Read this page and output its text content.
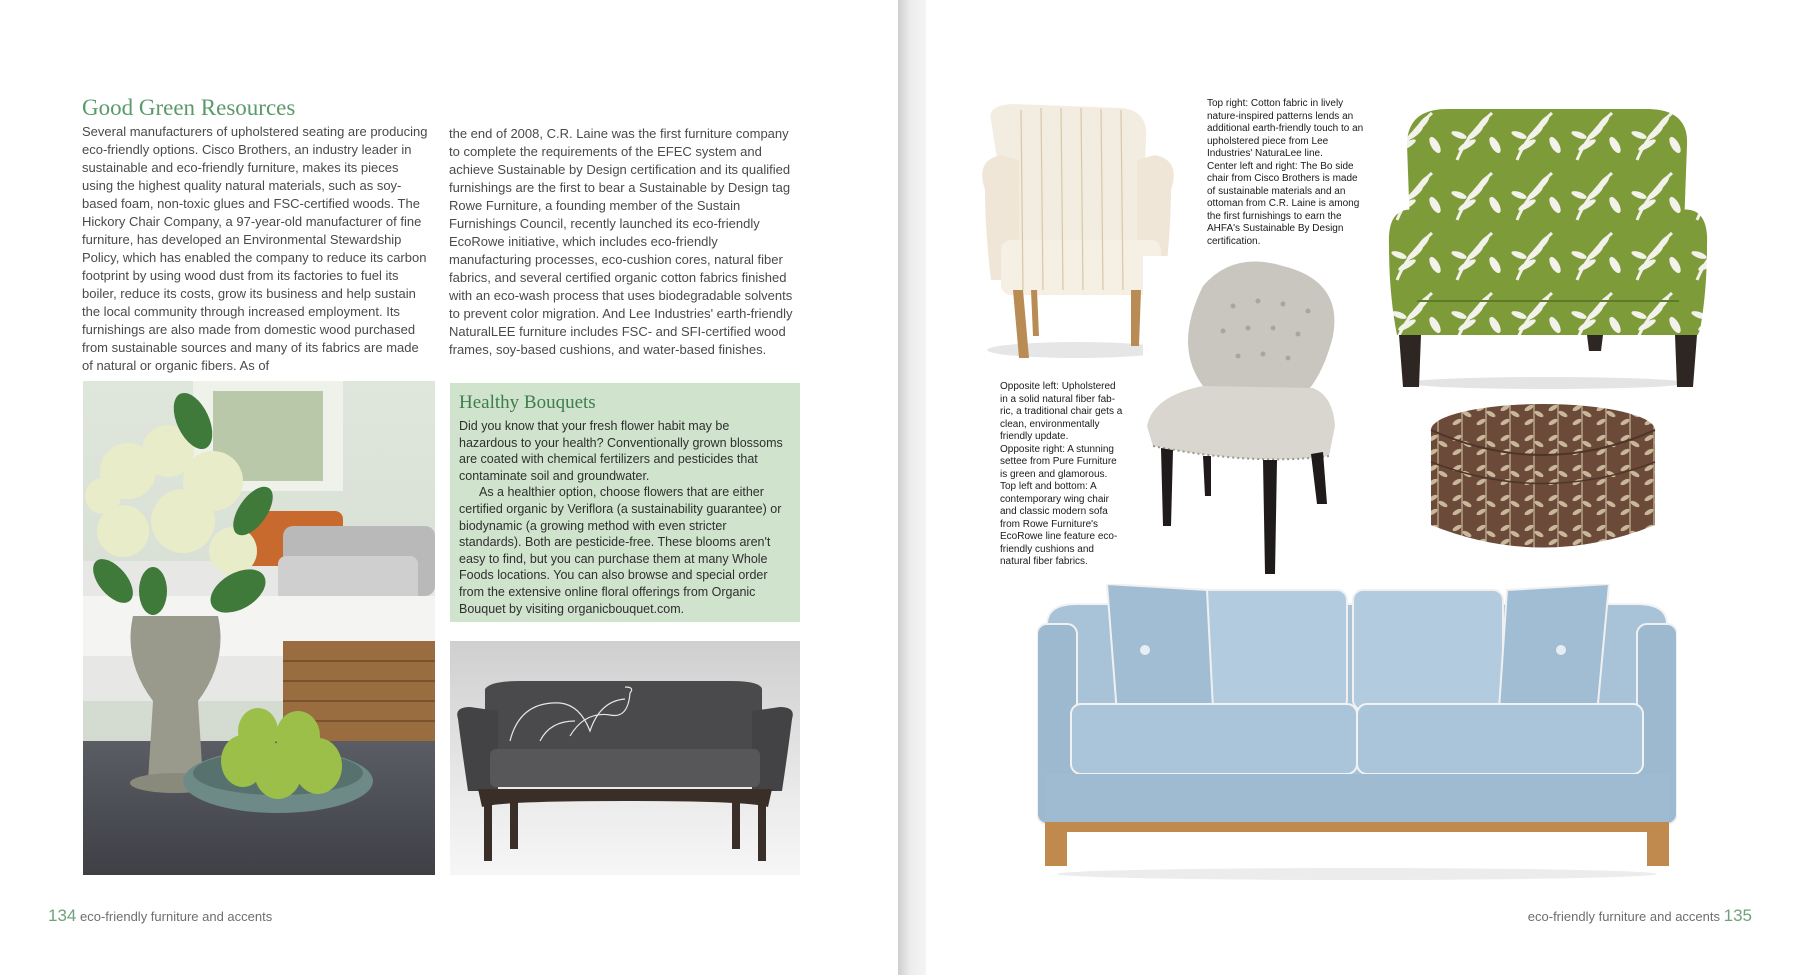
Good Green Resources

Several manufacturers of upholstered seating are producing eco-friendly options. Cisco Brothers, an industry leader in sustainable and eco-friendly furniture, makes its pieces using the highest quality natural materials, such as soy-based foam, non-toxic glues and FSC-certified woods. The Hickory Chair Company, a 97-year-old manufacturer of fine furniture, has developed an Environmental Stewardship Policy, which has enabled the company to reduce its carbon footprint by using wood dust from its factories to fuel its boiler, reduce its costs, grow its business and help sustain the local community through increased employment. Its furnishings are also made from domestic wood purchased from sustainable sources and many of its fabrics are made of natural or organic fibers. As of

the end of 2008, C.R. Laine was the first furniture company to complete the requirements of the EFEC system and achieve Sustainable by Design certification and its qualified furnishings are the first to bear a Sustainable by Design tag Rowe Furniture, a founding member of the Sustain Furnishings Council, recently launched its eco-friendly EcoRowe initiative, which includes eco-friendly manufacturing processes, eco-cushion cores, natural fiber fabrics, and several certified organic cotton fabrics finished with an eco-wash process that uses biodegradable solvents to prevent color migration. And Lee Industries' earth-friendly NaturalLEE furniture includes FSC- and SFI-certified wood frames, soy-based cushions, and water-based finishes.

Healthy Bouquets

Did you know that your fresh flower habit may be hazardous to your health? Conventionally grown blossoms are coated with chemical fertilizers and pesticides that contaminate soil and groundwater.

As a healthier option, choose flowers that are either certified organic by Veriflora (a sustainability guarantee) or biodynamic (a growing method with even stricter standards). Both are pesticide-free. These blooms aren't easy to find, but you can purchase them at many Whole Foods locations. You can also browse and special order from the extensive online floral offerings from Organic Bouquet by visiting organicbouquet.com.

134 eco-friendly furniture and accents

Top right: Cotton fabric in lively nature-inspired patterns lends an additional earth-friendly touch to an upholstered piece from Lee Industries' NaturaLee line.

Center left and right: The Bo side chair from Cisco Brothers is made of sustainable materials and an ottoman from C.R. Laine is among the first furnishings to earn the AHFA's Sustainable By Design certification.

Opposite left: Upholstered in a solid natural fiber fab-ric, a traditional chair gets a clean, environmentally friendly update.

Opposite right: A stunning settee from Pure Furniture is green and glamorous.

Top left and bottom: A contemporary wing chair and classic modern sofa from Rowe Furniture's EcoRowe line feature eco-friendly cushions and natural fiber fabrics.

eco-friendly furniture and accents 135
